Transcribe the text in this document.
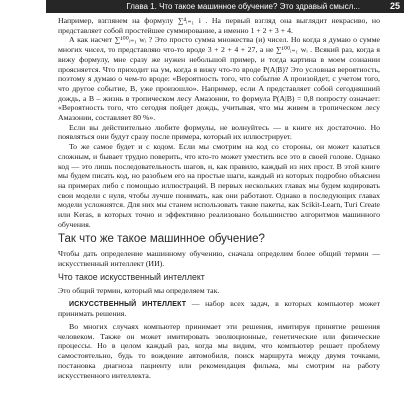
Глава 1. Что такое машинное обучение? Это здравый смысл...	25

Например, взглянем на формулу ∑⁴ᵢ₌₁ i . На первый взгляд она выглядит некрасиво, но представляет собой простейшее суммирование, а именно 1 + 2 + 3 + 4.

А как насчет ∑¹⁰⁰ᵢ₌₁ wᵢ ? Это просто сумма множества (и) чисел. Но когда я думаю о сумме многих чисел, то представляю что-то вроде 3 + 2 + 4 + 27, а не ∑¹⁰⁰ᵢ₌₁ wᵢ . Всякий раз, когда я вижу формулу, мне сразу же нужен небольшой пример, и тогда картина в моем сознании проясняется. Что приходит на ум, когда я вижу что-то вроде P(A|B)? Это условная вероятность, поэтому я думаю о чем-то вроде: «Вероятность того, что событие A произойдет, с учетом того, что другое событие, B, уже произошло». Например, если A представляет собой сегодняшний дождь, а B – жизнь в тропическом лесу Амазонии, то формула P(A|B) = 0,8 попросту означает: «Вероятность того, что сегодня пойдет дождь, учитывая, что мы живем в тропическом лесу Амазонии, составляет 80 %».

Если вы действительно любите формулы, не волнуйтесь — в книге их достаточно. Но появляться они будут сразу после примера, который их иллюстрирует.

То же самое будет и с кодом. Если мы смотрим на код со стороны, он может казаться сложным, и бывает трудно поверить, что кто-то может уместить все это в своей голове. Однако код — это лишь последовательность шагов, и, как правило, каждый из них прост. В этой книге мы будем писать код, но разобьем его на простые шаги, каждый из которых подробно объяснен на примерах либо с помощью иллюстраций. В первых нескольких главах мы будем кодировать свои модели с нуля, чтобы лучше понимать, как они работают. Однако в последующих главах модели усложнятся. Для них мы станем использовать такие пакеты, как Scikit-Learn, Turi Create или Keras, в которых точно и эффективно реализовано большинство алгоритмов машинного обучения.

Так что же такое машинное обучение?

Чтобы дать определение машинному обучению, сначала определим более общий термин — искусственный интеллект (ИИ).

Что такое искусственный интеллект

Это общий термин, который мы определяем так.

ИСКУССТВЕННЫЙ ИНТЕЛЛЕКТ — набор всех задач, в которых компьютер может принимать решения.

Во многих случаях компьютер принимает эти решения, имитируя принятие решения человеком. Также он может имитировать эволюционные, генетические или физические процессы. Но в целом каждый раз, когда мы видим, что компьютер решает проблему самостоятельно, будь то вождение автомобиля, поиск маршрута между двумя точками, постановка диагноза пациенту или рекомендация фильма, мы смотрим на работу искусственного интеллекта.
